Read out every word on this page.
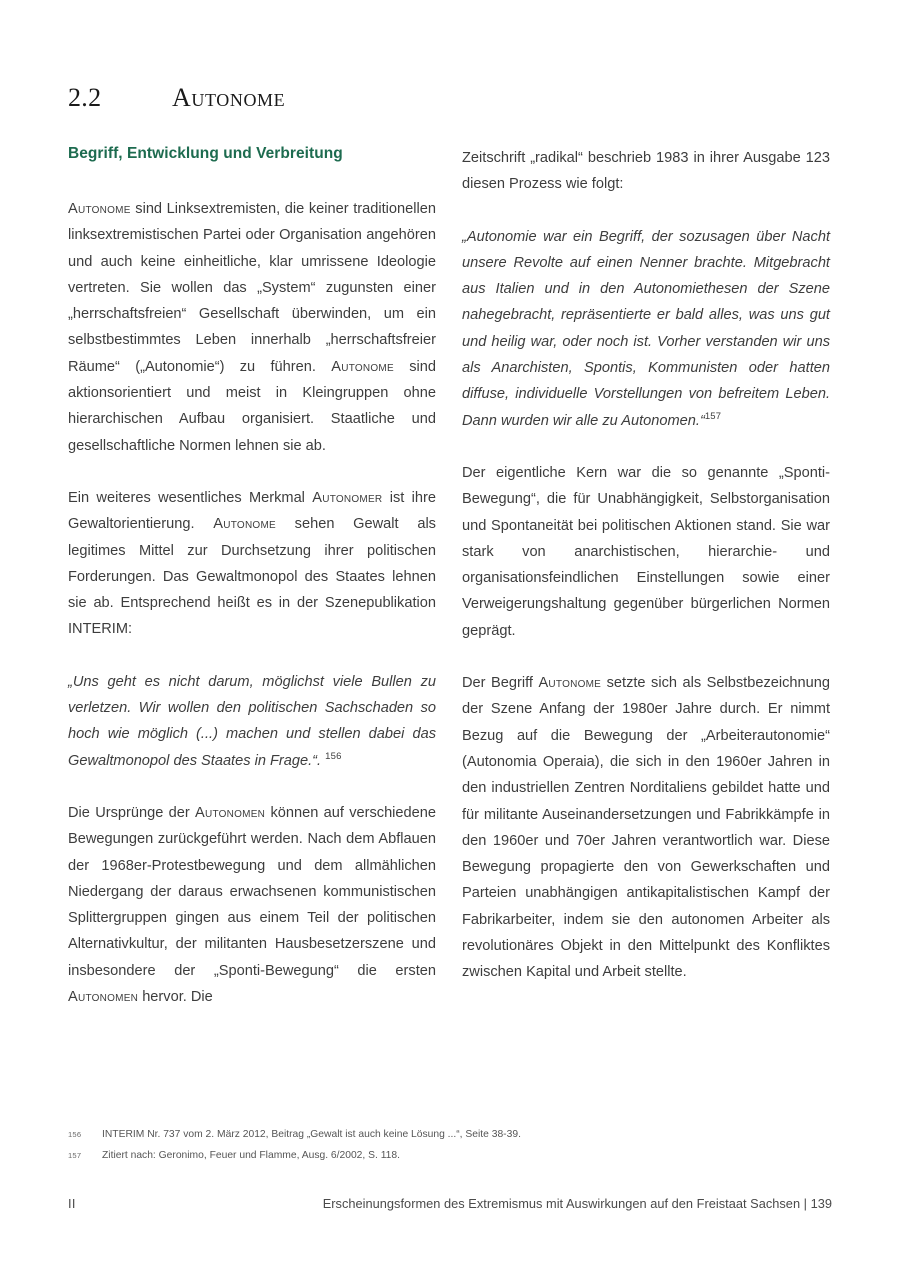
2.2	Autonome
Begriff, Entwicklung und Verbreitung

Autonome sind Linksextremisten, die keiner traditionellen linksextremistischen Partei oder Organisation angehören und auch keine einheitliche, klar umrissene Ideologie vertreten. Sie wollen das „System“ zugunsten einer „herrschaftsfreien“ Gesellschaft überwinden, um ein selbstbestimmtes Leben innerhalb „herrschaftsfreier Räume“ („Autonomie“) zu führen. Autonome sind aktionsorientiert und meist in Kleingruppen ohne hierarchischen Aufbau organisiert. Staatliche und gesellschaftliche Normen lehnen sie ab.

Ein weiteres wesentliches Merkmal Autonomer ist ihre Gewaltorientierung. Autonome sehen Gewalt als legitimes Mittel zur Durchsetzung ihrer politischen Forderungen. Das Gewaltmonopol des Staates lehnen sie ab. Entsprechend heißt es in der Szenepublikation INTERIM:

„Uns geht es nicht darum, möglichst viele Bullen zu verletzen. Wir wollen den politischen Sachschaden so hoch wie möglich (...) machen und stellen dabei das Gewaltmonopol des Staates in Frage.“. $^{156}$

Die Ursprünge der Autonomen können auf verschiedene Bewegungen zurückgeführt werden. Nach dem Abflauen der 1968er-Protestbewegung und dem allmählichen Niedergang der daraus erwachsenen kommunistischen Splittergruppen gingen aus einem Teil der politischen Alternativkultur, der militanten Hausbesetzerszene und insbesondere der „Sponti-Bewegung“ die ersten Autonomen hervor. Die

Zeitschrift „radikal“ beschrieb 1983 in ihrer Ausgabe 123 diesen Prozess wie folgt:

„Autonomie war ein Begriff, der sozusagen über Nacht unsere Revolte auf einen Nenner brachte. Mitgebracht aus Italien und in den Autonomiethesen der Szene nahegebracht, repräsentierte er bald alles, was uns gut und heilig war, oder noch ist. Vorher verstanden wir uns als Anarchisten, Spontis, Kommunisten oder hatten diffuse, individuelle Vorstellungen von befreitem Leben. Dann wurden wir alle zu Autonomen.“$^{157}$

Der eigentliche Kern war die so genannte „Sponti-Bewegung“, die für Unabhängigkeit, Selbstorganisation und Spontaneität bei politischen Aktionen stand. Sie war stark von anarchistischen, hierarchie- und organisationsfeindlichen Einstellungen sowie einer Verweigerungshaltung gegenüber bürgerlichen Normen geprägt.

Der Begriff Autonome setzte sich als Selbstbezeichnung der Szene Anfang der 1980er Jahre durch. Er nimmt Bezug auf die Bewegung der „Arbeiterautonomie“ (Autonomia Operaia), die sich in den 1960er Jahren in den industriellen Zentren Norditaliens gebildet hatte und für militante Auseinandersetzungen und Fabrikkämpfe in den 1960er und 70er Jahren verantwortlich war. Diese Bewegung propagierte den von Gewerkschaften und Parteien unabhängigen antikapitalistischen Kampf der Fabrikarbeiter, indem sie den autonomen Arbeiter als revolutionäres Objekt in den Mittelpunkt des Konfliktes zwischen Kapital und Arbeit stellte.

156	INTERIM Nr. 737 vom 2. März 2012, Beitrag „Gewalt ist auch keine Lösung ...“, Seite 38-39.
157	Zitiert nach: Geronimo, Feuer und Flamme, Ausg. 6/2002, S. 118.
II	Erscheinungsformen des Extremismus mit Auswirkungen auf den Freistaat Sachsen | 139
